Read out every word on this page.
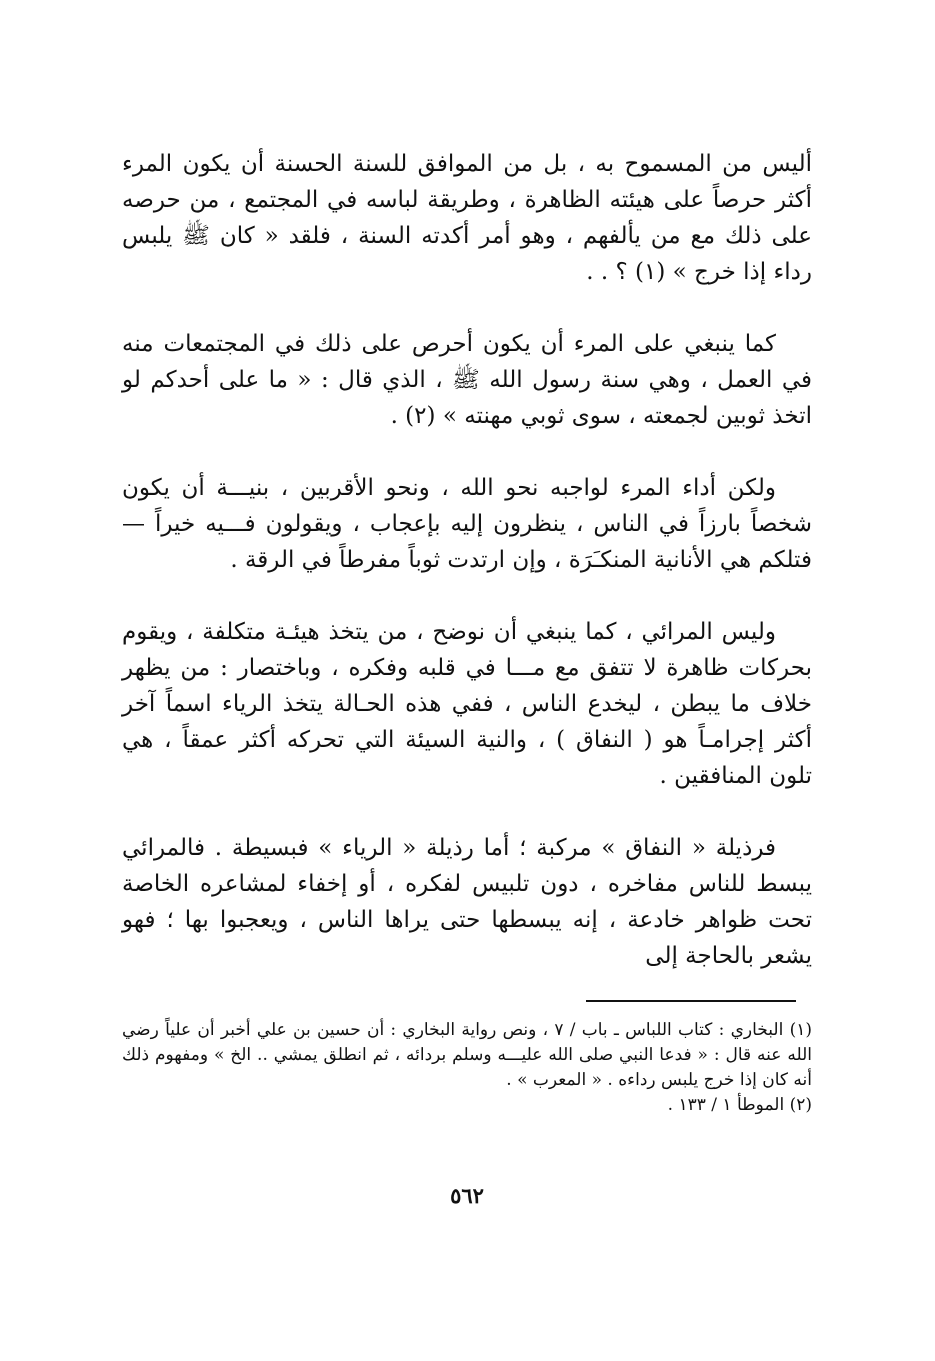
أليس من المسموح به ، بل من الموافق للسنة الحسنة أن يكون المرء أكثر حرصاً على هيئته الظاهرة ، وطريقة لباسه في المجتمع ، من حرصه على ذلك مع من يألفهم ، وهو أمر أكدته السنة ، فلقد « كان ﷺ يلبس رداء إذا خرج » (١) ؟ . .

كما ينبغي على المرء أن يكون أحرص على ذلك في المجتمعات منه في العمل ، وهي سنة رسول الله ﷺ ، الذي قال : « ما على أحدكم لو اتخذ ثوبين لجمعته ، سوى ثوبي مهنته » (٢) .

ولكن أداء المرء لواجبه نحو الله ، ونحو الأقربين ، بنيـــة أن يكون شخصاً بارزاً في الناس ، ينظرون إليه بإعجاب ، ويقولون فـــيه خيراً — فتلكم هي الأنانية المنكـَرَة ، وإن ارتدت ثوباً مفرطاً في الرقة .

وليس المرائي ، كما ينبغي أن نوضح ، من يتخذ هيئـة متكلفة ، ويقوم بحركات ظاهرة لا تتفق مع مـــا في قلبه وفكره ، وباختصار : من يظهر خلاف ما يبطن ، ليخدع الناس ، ففي هذه الحـالة يتخذ الرياء اسماً آخر أكثر إجرامـاً هو ( النفاق ) ، والنية السيئة التي تحركه أكثر عمقاً ، هي تلون المنافقين .

فرذيلة « النفاق » مركبة ؛ أما رذيلة « الرياء » فبسيطة . فالمرائي يبسط للناس مفاخره ، دون تلبيس لفكره ، أو إخفاء لمشاعره الخاصة تحت ظواهر خادعة ، إنه يبسطها حتى يراها الناس ، ويعجبوا بها ؛ فهو يشعر بالحاجة إلى

(١) البخاري : كتاب اللباس ـ باب / ٧ ، ونص رواية البخاري : أن حسين بن علي أخبر أن علياً رضي الله عنه قال : « فدعا النبي صلى الله عليـــه وسلم بردائه ، ثم انطلق يمشي .. الخ » ومفهوم ذلك أنه كان إذا خرج يلبس رداءه . « المعرب » .

(٢) الموطأ ١ / ١٣٣ .

٥٦٢
